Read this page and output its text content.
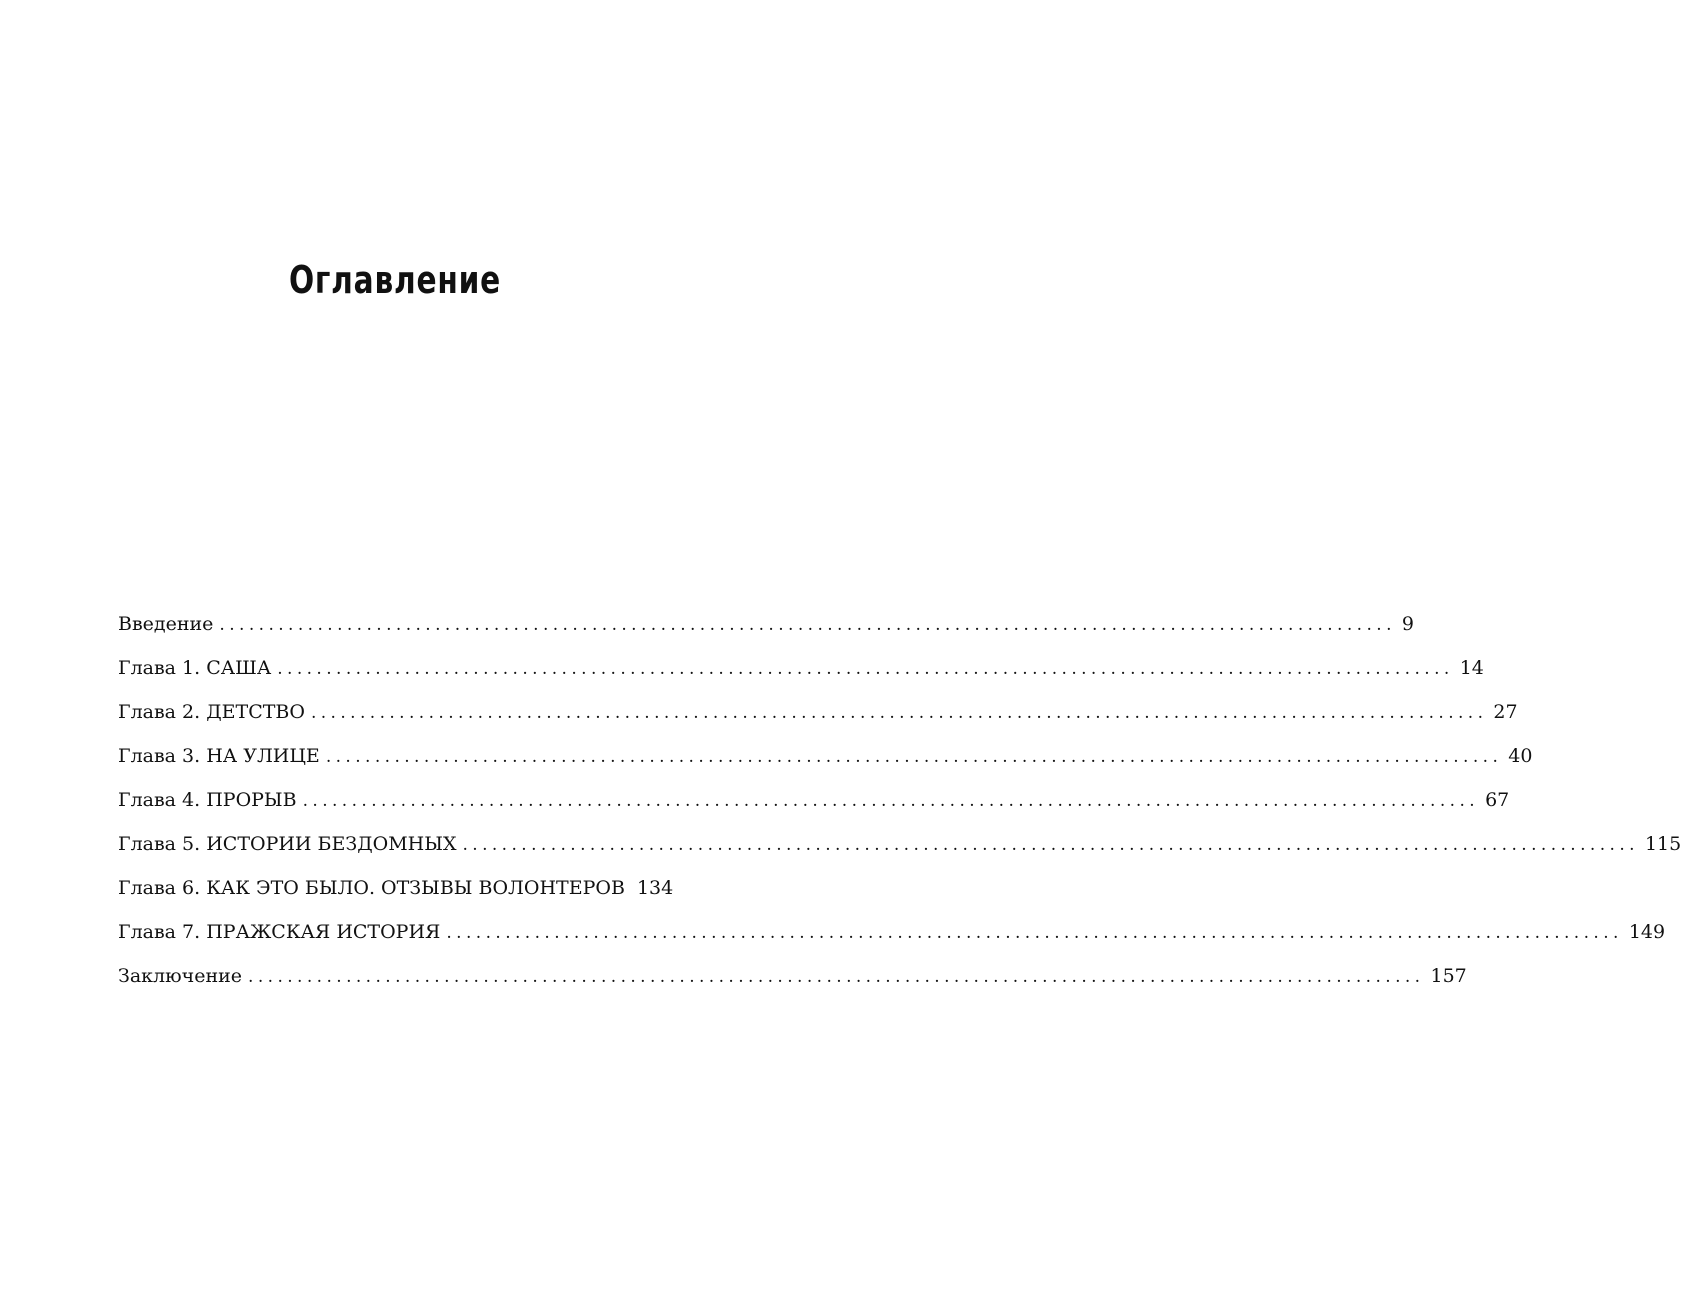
Оглавление
Введение ........................................................................................................................ 9
Глава 1. САША ........................................................................................................................ 14
Глава 2. ДЕТСТВО ........................................................................................................................ 27
Глава 3. НА УЛИЦЕ ........................................................................................................................ 40
Глава 4. ПРОРЫВ ........................................................................................................................ 67
Глава 5. ИСТОРИИ БЕЗДОМНЫХ ........................................................................................................................ 115
Глава 6. КАК ЭТО БЫЛО. ОТЗЫВЫ ВОЛОНТЕРОВ 134
Глава 7. ПРАЖСКАЯ ИСТОРИЯ ........................................................................................................................ 149
Заключение ........................................................................................................................ 157
